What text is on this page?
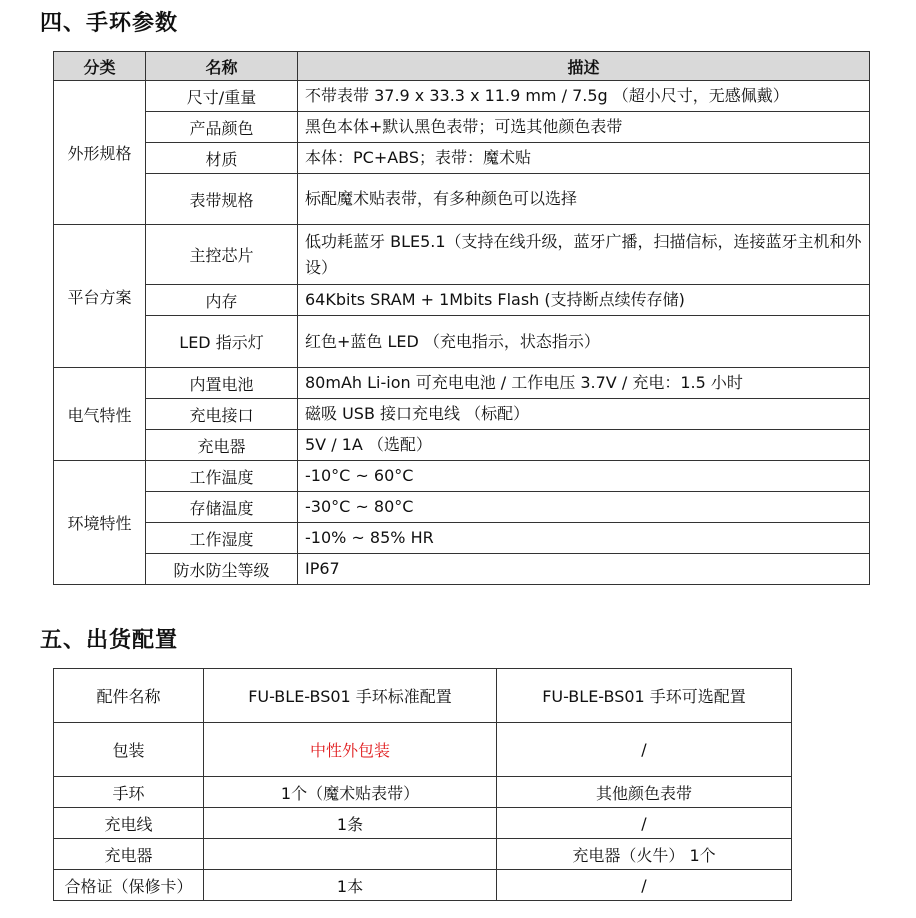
四、手环参数
分类	名称	描述
外形规格	尺寸/重量	不带表带 37.9 x 33.3 x 11.9 mm / 7.5g （超小尺寸，无感佩戴）
	产品颜色	黑色本体+默认黑色表带；可选其他颜色表带
	材质	本体：PC+ABS；表带：魔术贴
	表带规格	标配魔术贴表带，有多种颜色可以选择
平台方案	主控芯片	低功耗蓝牙 BLE5.1（支持在线升级，蓝牙广播，扫描信标，连接蓝牙主机和外设）
	内存	64Kbits SRAM + 1Mbits Flash (支持断点续传存储)
	LED 指示灯	红色+蓝色 LED （充电指示，状态指示）
电气特性	内置电池	80mAh Li-ion 可充电电池 / 工作电压 3.7V / 充电：1.5 小时
	充电接口	磁吸 USB 接口充电线 （标配）
	充电器	5V / 1A （选配）
环境特性	工作温度	-10°C ~ 60°C
	存储温度	-30°C ~ 80°C
	工作湿度	-10% ~ 85% HR
	防水防尘等级	IP67
五、出货配置
配件名称	FU-BLE-BS01 手环标准配置	FU-BLE-BS01 手环可选配置
包装	中性外包装	/
手环	1个（魔术贴表带）	其他颜色表带
充电线	1条	/
充电器		充电器（火牛） 1个
合格证（保修卡）	1本	/
